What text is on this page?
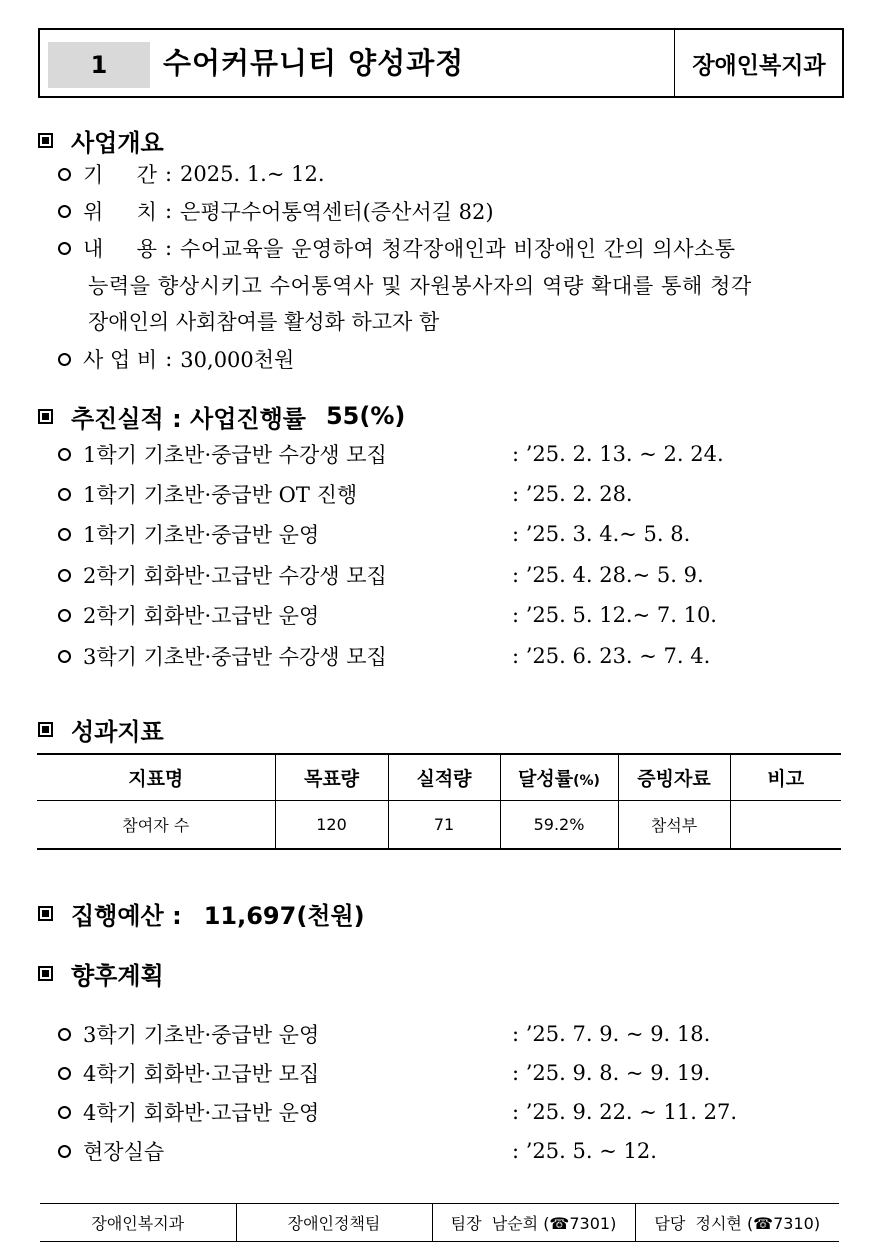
1	수어커뮤니티 양성과정	장애인복지과
사업개요
기     간 : 2025. 1.~ 12.
위     치 : 은평구수어통역센터(증산서길 82)
내     용 : 수어교육을 운영하여 청각장애인과 비장애인 간의 의사소통
능력을 향상시키고 수어통역사 및 자원봉사자의 역량 확대를 통해 청각
장애인의 사회참여를 활성화 하고자 함
사 업 비 : 30,000천원
추진실적 : 사업진행률 55(%)
1학기 기초반·중급반 수강생 모집	: ’25. 2. 13. ~ 2. 24.
1학기 기초반·중급반 OT 진행	: ’25. 2. 28.
1학기 기초반·중급반 운영	: ’25. 3. 4.~ 5. 8.
2학기 회화반·고급반 수강생 모집	: ’25. 4. 28.~ 5. 9.
2학기 회화반·고급반 운영	: ’25. 5. 12.~ 7. 10.
3학기 기초반·중급반 수강생 모집	: ’25. 6. 23. ~ 7. 4.
성과지표
지표명	목표량	실적량	달성률(%)	증빙자료	비고
참여자 수	120	71	59.2%	참석부	
집행예산 : 11,697(천원)
향후계획
3학기 기초반·중급반 운영	: ’25. 7. 9. ~ 9. 18.
4학기 회화반·고급반 모집	: ’25. 9. 8. ~ 9. 19.
4학기 회화반·고급반 운영	: ’25. 9. 22. ~ 11. 27.
현장실습	: ’25. 5. ~ 12.
장애인복지과	장애인정책팀	팀장  남순희 (☎7301)	담당  정시현 (☎7310)
